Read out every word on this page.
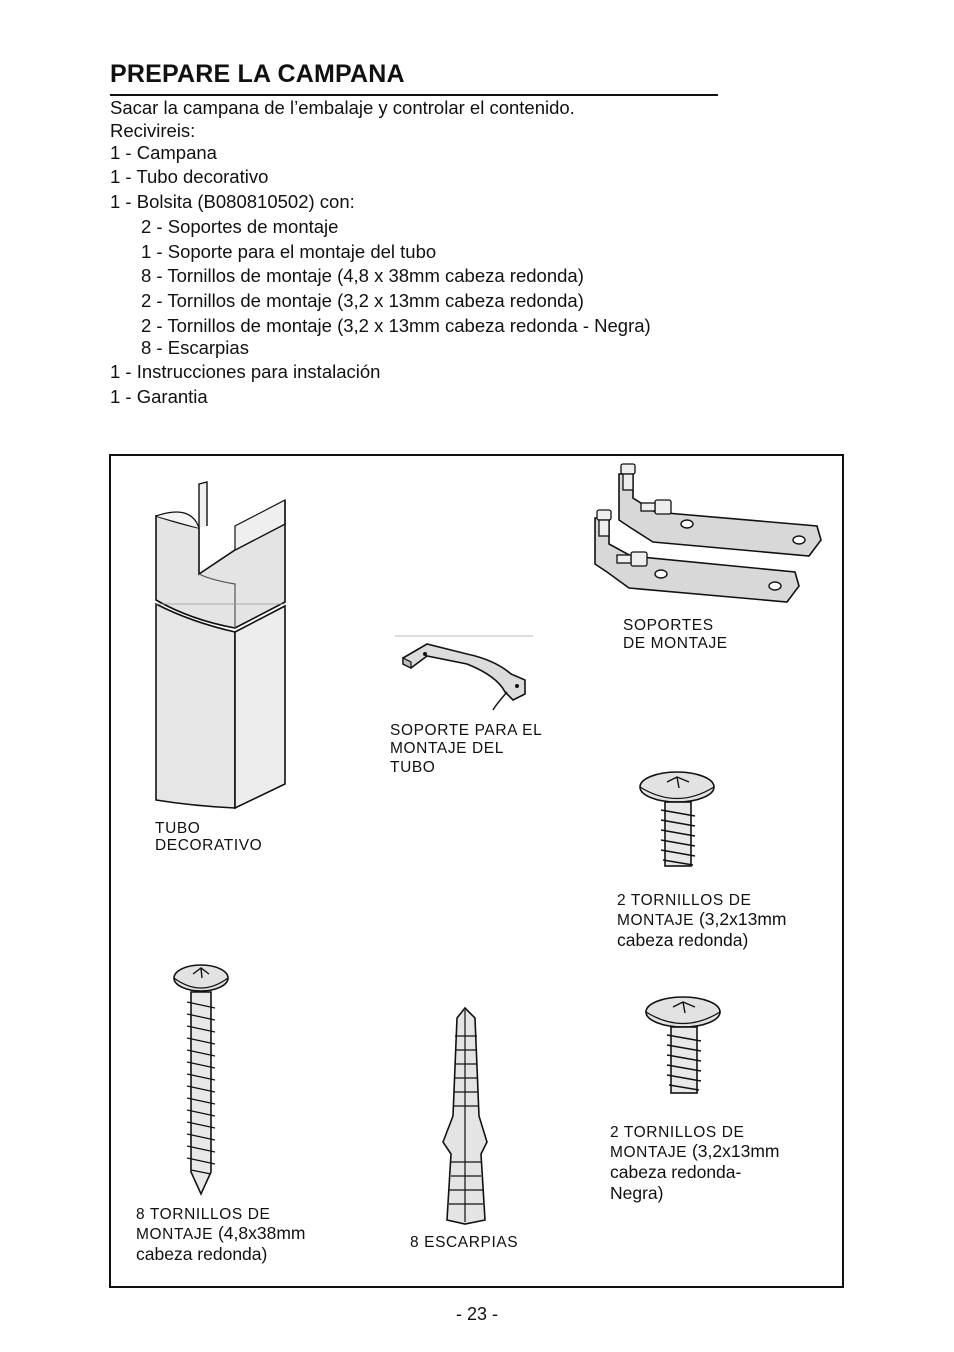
PREPARE LA CAMPANA
Sacar la campana de l’embalaje y controlar el contenido.
Recivireis:
1 - Campana
1 - Tubo decorativo
1 - Bolsita (B080810502) con:
2 - Soportes de montaje
1 - Soporte para el montaje del tubo
8 - Tornillos de montaje (4,8 x 38mm cabeza redonda)
2 - Tornillos de montaje (3,2 x 13mm cabeza redonda)
2 - Tornillos de montaje (3,2 x 13mm cabeza redonda - Negra)
8 - Escarpias
1 - Instrucciones para instalación
1 - Garantia
TUBO
DECORATIVO
SOPORTE PARA EL
MONTAJE DEL
TUBO
SOPORTES
DE MONTAJE
2 TORNILLOS DE
MONTAJE (3,2x13mm
cabeza redonda)
8 TORNILLOS DE
MONTAJE (4,8x38mm
cabeza redonda)
8 ESCARPIAS
2 TORNILLOS DE
MONTAJE (3,2x13mm
cabeza redonda-
Negra)
- 23 -
